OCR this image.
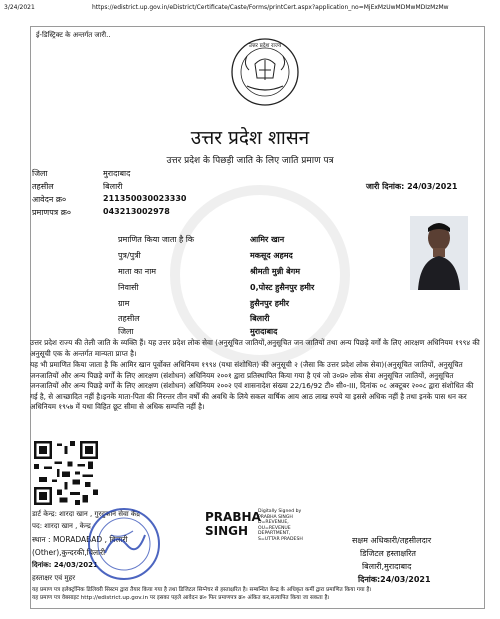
3/24/2021	https://edistrict.up.gov.in/eDistrict/Certificate/Caste/Forms/printCert.aspx?application_no=MjExMzUwMDMwMDIzMzMw
ई-डिस्ट्रिक्ट के अन्तर्गत जारी..
उत्तर प्रदेश राज्य
उत्तर प्रदेश शासन
उत्तर प्रदेश के पिछड़ी जाति के लिए जाति प्रमाण पत्र
जिला	मुरादाबाद
तहसील	बिलारी
आवेदन क्र०	211350030023330
प्रमाणपत्र क्र०	043213002978
जारी दिनांक: 24/03/2021
प्रमाणित किया जाता है कि	आमिर खान
पुत्र/पुत्री	मकसूद अहमद
माता का नाम	श्रीमती मुन्नी बेगम
निवासी	0,पोस्ट हुसैनपुर हमीर
ग्राम	हुसैनपुर हमीर
तहसील	बिलारी
जिला	मुरादाबाद
उत्तर प्रदेश राज्य की तेली जाति के व्यक्ति हैं। यह उत्तर प्रदेश लोक सेवा (अनुसूचित जातियों,अनुसूचित जन जातियों तथा अन्य पिछड़े वर्गों के लिए आरक्षण अधिनियम १९९४ की अनुसूची एक के अन्तर्गत मान्यता प्राप्त है।
यह भी प्रमाणित किया जाता है कि आमिर खान पूर्वोक्त अधिनियम १९९४ (यथा संशोधित) की अनुसूची २ (जैसा कि उत्तर प्रदेश लोक सेवा)(अनुसूचित जातियों, अनुसूचित जनजातियों और अन्य पिछड़े वर्गों के लिए आरक्षण (संशोधन) अधिनियम २००१ द्वारा प्रतिस्थापित किया गया है एवं जो उ०प्र० लोक सेवा अनुसूचित जातियों, अनुसूचित जनजातियों और अन्य पिछड़े वर्गों के लिए आरक्षण (संशोधन) अधिनियम २००२ एवं शासनादेश संख्या 22/16/92 टी० सी०-III, दिनांक ०८ अक्टूबर २००८ द्वारा संशोधित की गई है, से आच्छादित नहीं है।इनके माता-पिता की निरन्तर तीन वर्षों की अवधि के लिये सकल वार्षिक आय आठ लाख रुपये या इससे अधिक नहीं है तथा इनके पास धन कर अधिनियम १९५७ में यथा विहित छूट सीमा से अधिक सम्पत्ति नहीं है।
डार्ट केन्द्र: शारदा खान , गुरदुकान सेवा केंद्र
पद: शारदा खान , केन्द्र
स्थान : MORADABAD , बिलारी
(Other),कुन्दरकी,बिलारी
दिनांक: 24/03/2021
हस्ताक्षर एवं मुहर
PRABHA
SINGH
Digitally Signed by
PRABHA SINGH
D=REVENUE,
OU=REVENUE
DEPARTMENT,
S=UTTAR PRADESH	सक्षम अधिकारी/तहसीलदार
डिजिटल हस्ताक्षरित
बिलारी,मुरादाबाद
दिनांक:24/03/2021
यह प्रमाण पत्र इलेक्ट्रॉनिक डिलिवरी सिस्टम द्वारा तैयार किया गया है तथा डिजिटल सिग्नेचर से हस्ताक्षरित है। सम्बन्धित केन्द्र के अधिकृत कर्मी द्वारा प्रमाणित किया गया है।
यह प्रमाण पत्र वेबसाइट http://edistrict.up.gov.in पर इसका पहले आवेदन क्र० फिर प्रमाणपत्र क्र० अंकित कर,सत्यापित किया जा सकता है।
